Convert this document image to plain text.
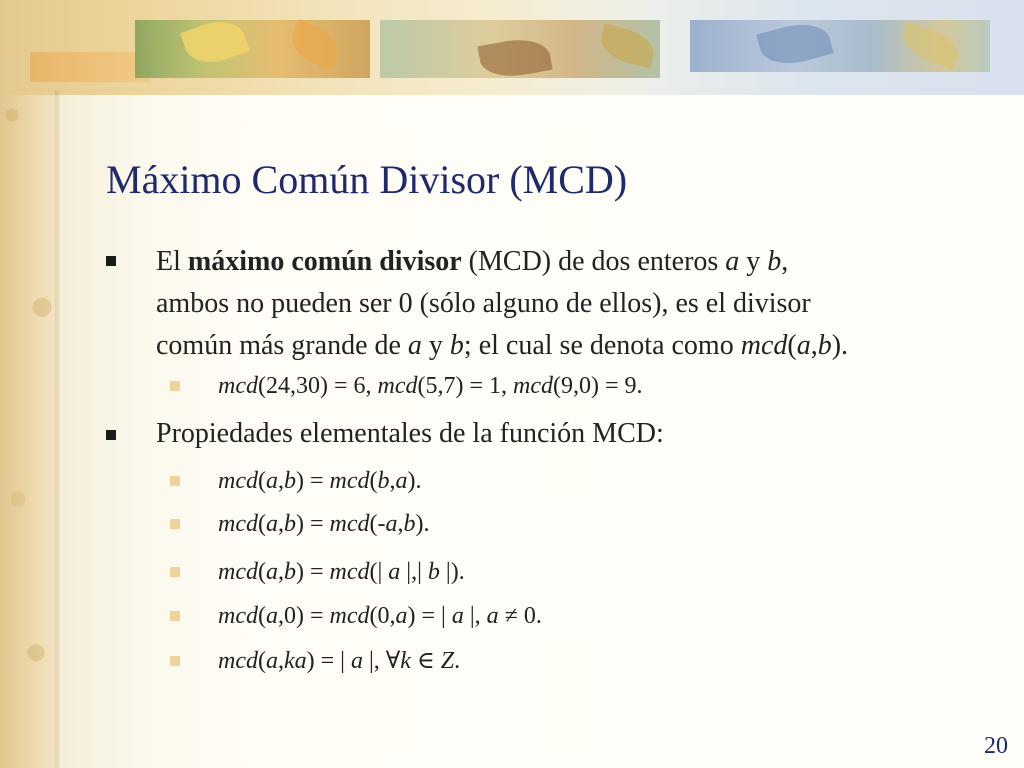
Máximo Común Divisor (MCD)
El máximo común divisor (MCD) de dos enteros a y b,
ambos no pueden ser 0 (sólo alguno de ellos), es el divisor
común más grande de a y b; el cual se denota como mcd(a,b).
mcd(24,30) = 6, mcd(5,7) = 1, mcd(9,0) = 9.
Propiedades elementales de la función MCD:
mcd(a,b) = mcd(b,a).
mcd(a,b) = mcd(-a,b).
mcd(a,b) = mcd(| a |,| b |).
mcd(a,0) = mcd(0,a) = | a |, a ≠ 0.
mcd(a,ka) = | a |, ∀k ∈ Z.
20
